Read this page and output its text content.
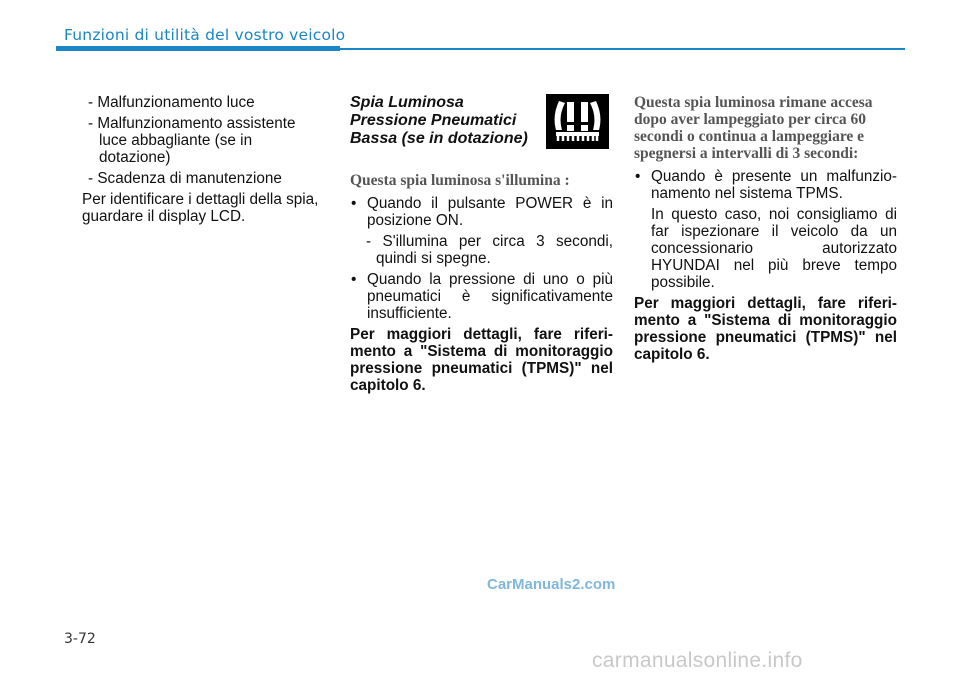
Funzioni di utilità del vostro veicolo

- Malfunzionamento luce

- Malfunzionamento assistente luce abbagliante (se in dotazione)

- Scadenza di manutenzione

Per identificare i dettagli della spia, guardare il display LCD.

Spia Luminosa Pressione Pneumatici Bassa (se in dotazione)

Questa spia luminosa s'illumina :

• Quando il pulsante POWER è in posizione ON.

- S'illumina per circa 3 secondi, quindi si spegne.

• Quando la pressione di uno o più pneumatici è significativamente insufficiente.

Per maggiori dettagli, fare riferi-mento a "Sistema di monitoraggio pressione pneumatici (TPMS)" nel capitolo 6.

Questa spia luminosa rimane accesa dopo aver lampeggiato per circa 60 secondi o continua a lampeggiare e spegnersi a intervalli di 3 secondi:

• Quando è presente un malfunzio-namento nel sistema TPMS.

In questo caso, noi consigliamo di far ispezionare il veicolo da un concessionario autorizzato HYUNDAI nel più breve tempo possibile.

Per maggiori dettagli, fare riferi-mento a "Sistema di monitoraggio pressione pneumatici (TPMS)" nel capitolo 6.

CarManuals2.com
3-72
carmanualsonline.info
